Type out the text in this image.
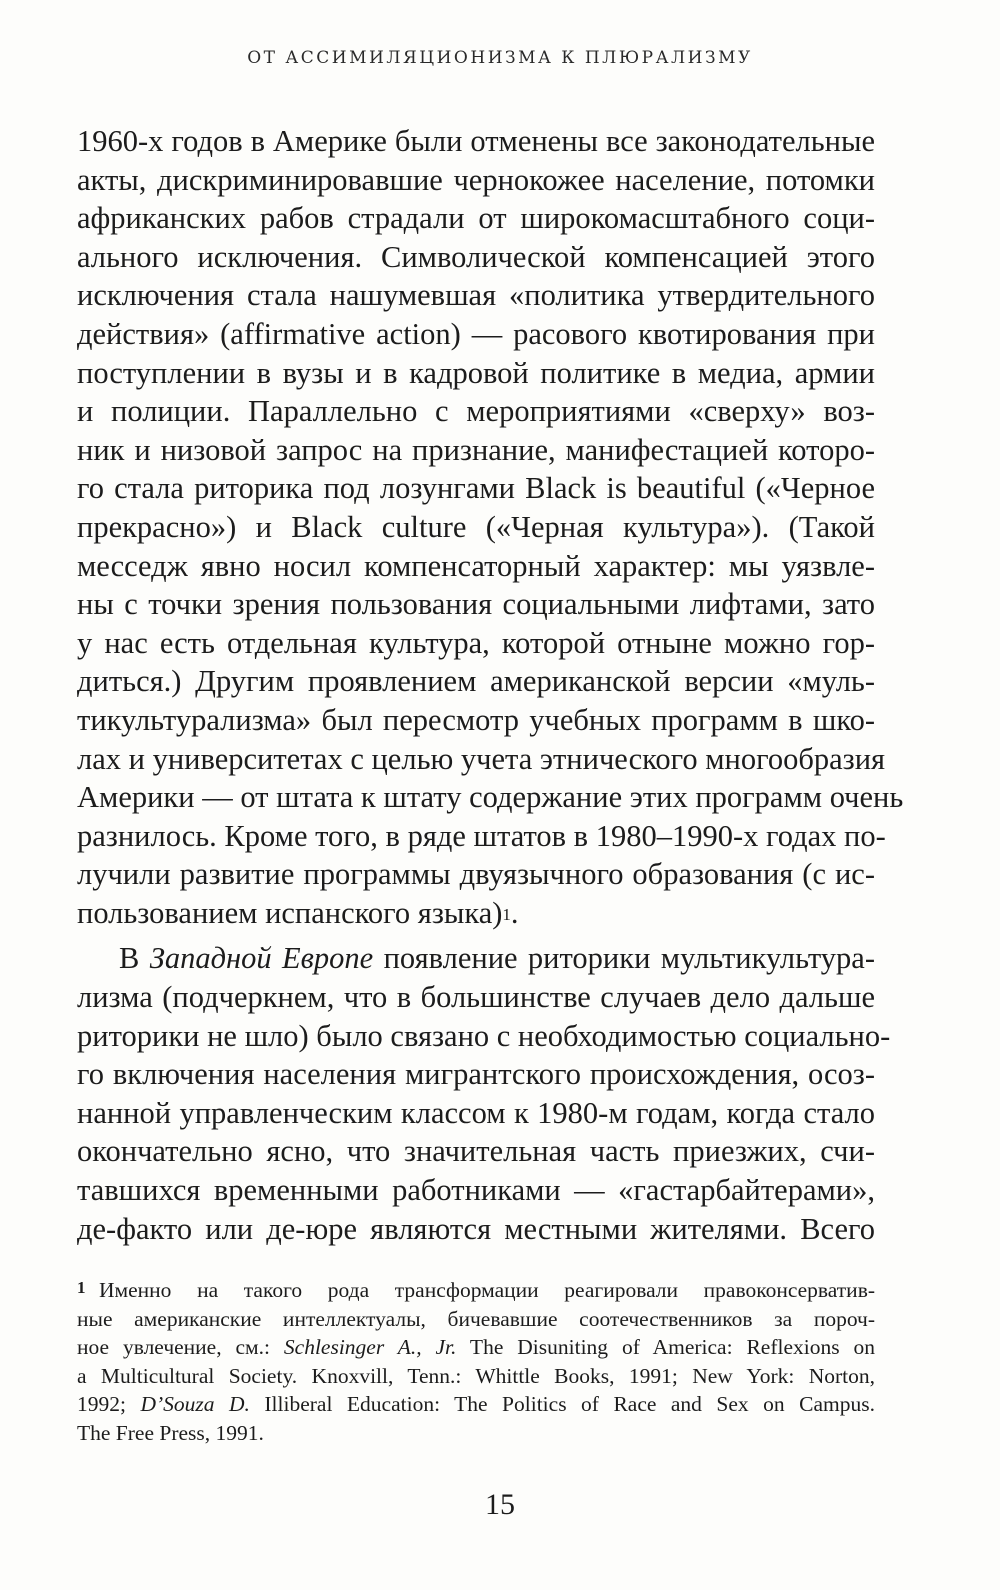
ОТ АССИМИЛЯЦИОНИЗМА К ПЛЮРАЛИЗМУ
1960-х годов в Америке были отменены все законодательные
акты, дискриминировавшие чернокожее население, потомки
африканских рабов страдали от широкомасштабного соци-
ального исключения. Символической компенсацией этого
исключения стала нашумевшая «политика утвердительного
действия» (affirmative action) — расового квотирования при
поступлении в вузы и в кадровой политике в медиа, армии
и полиции. Параллельно с мероприятиями «сверху» воз-
ник и низовой запрос на признание, манифестацией которо-
го стала риторика под лозунгами Black is beautiful («Черное
прекрасно») и Black culture («Черная культура»). (Такой
месседж явно носил компенсаторный характер: мы уязвле-
ны с точки зрения пользования социальными лифтами, зато
у нас есть отдельная культура, которой отныне можно гор-
диться.) Другим проявлением американской версии «муль-
тикультурализма» был пересмотр учебных программ в шко-
лах и университетах с целью учета этнического многообразия
Америки — от штата к штату содержание этих программ очень
разнилось. Кроме того, в ряде штатов в 1980–1990-х годах по-
лучили развитие программы двуязычного образования (с ис-
пользованием испанского языка)$^1$.
В Западной Европе появление риторики мультикультура-
лизма (подчеркнем, что в большинстве случаев дело дальше
риторики не шло) было связано с необходимостью социально-
го включения населения мигрантского происхождения, осоз-
нанной управленческим классом к 1980-м годам, когда стало
окончательно ясно, что значительная часть приезжих, счи-
тавшихся временными работниками — «гастарбайтерами»,
де-факто или де-юре являются местными жителями. Всего
1 Именно на такого рода трансформации реагировали правоконсерватив-
ные американские интеллектуалы, бичевавшие соотечественников за пороч-
ное увлечение, см.: Schlesinger A., Jr. The Disuniting of America: Reflexions on
a Multicultural Society. Knoxvill, Tenn.: Whittle Books, 1991; New York: Norton,
1992; D’Souza D. Illiberal Education: The Politics of Race and Sex on Campus.
The Free Press, 1991.
15
